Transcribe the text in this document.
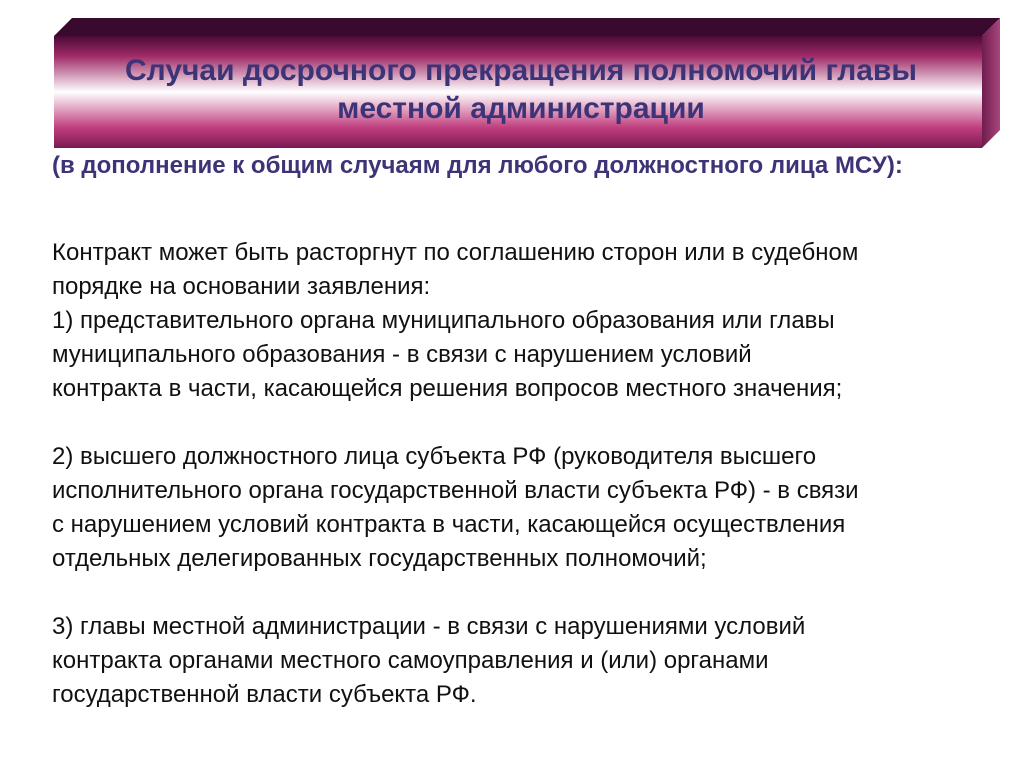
Случаи досрочного прекращения полномочий главы
местной администрации

(в дополнение к общим случаям для любого должностного лица МСУ):

Контракт может быть расторгнут по соглашению сторон или в судебном

порядке на основании заявления:

1) представительного органа муниципального образования или главы

муниципального образования - в связи с нарушением условий

контракта в части, касающейся решения вопросов местного значения;

2) высшего должностного лица субъекта РФ (руководителя высшего

исполнительного органа государственной власти субъекта РФ) - в связи

с нарушением условий контракта в части, касающейся осуществления

отдельных делегированных государственных полномочий;

3) главы местной администрации - в связи с нарушениями условий

контракта органами местного самоуправления и (или) органами

государственной власти субъекта РФ.
